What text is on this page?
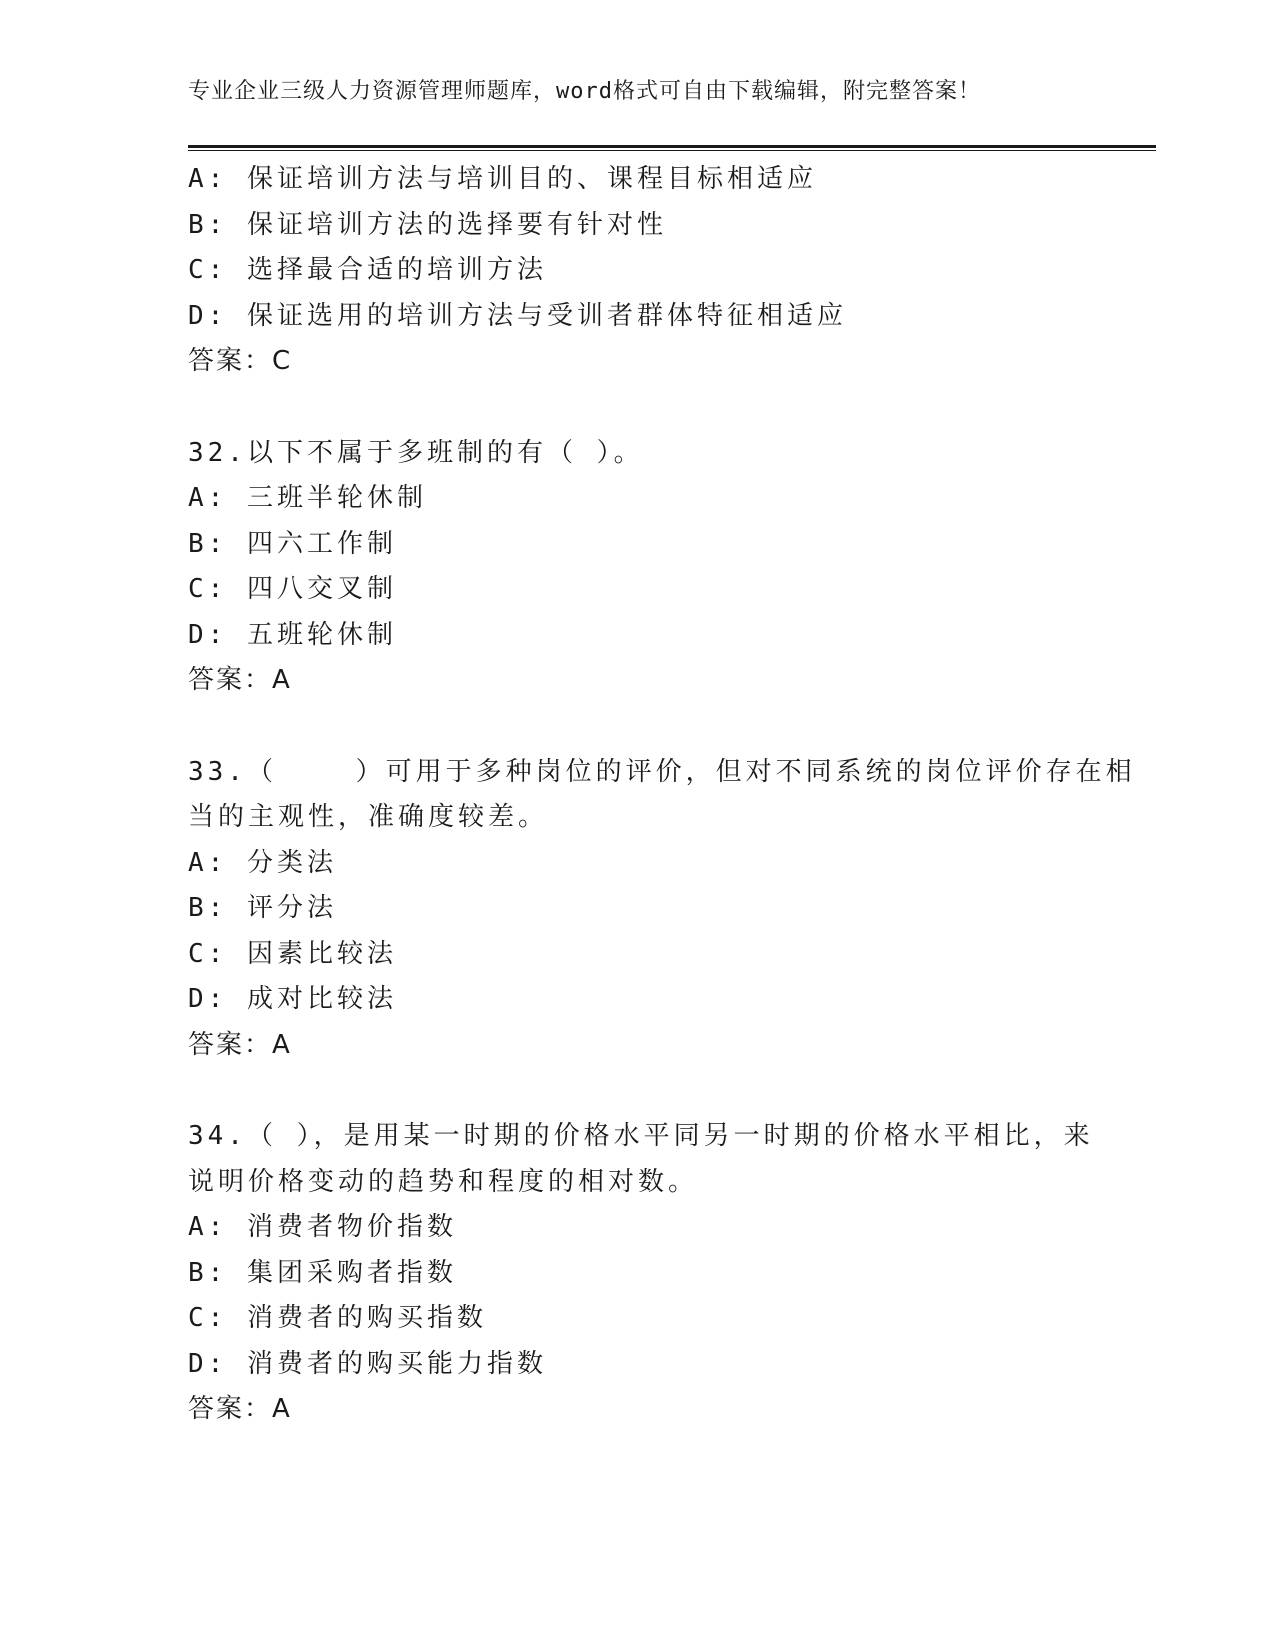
专业企业三级人力资源管理师题库，word格式可自由下载编辑，附完整答案！
A: 保证培训方法与培训目的、课程目标相适应
B: 保证培训方法的选择要有针对性
C: 选择最合适的培训方法
D: 保证选用的培训方法与受训者群体特征相适应
答案：C
32.以下不属于多班制的有（ ）。
A: 三班半轮休制
B: 四六工作制
C: 四八交叉制
D: 五班轮休制
答案：A
33.（    ）可用于多种岗位的评价，但对不同系统的岗位评价存在相
当的主观性，准确度较差。
A: 分类法
B: 评分法
C: 因素比较法
D: 成对比较法
答案：A
34.（ ），是用某一时期的价格水平同另一时期的价格水平相比，来
说明价格变动的趋势和程度的相对数。
A: 消费者物价指数
B: 集团采购者指数
C: 消费者的购买指数
D: 消费者的购买能力指数
答案：A
